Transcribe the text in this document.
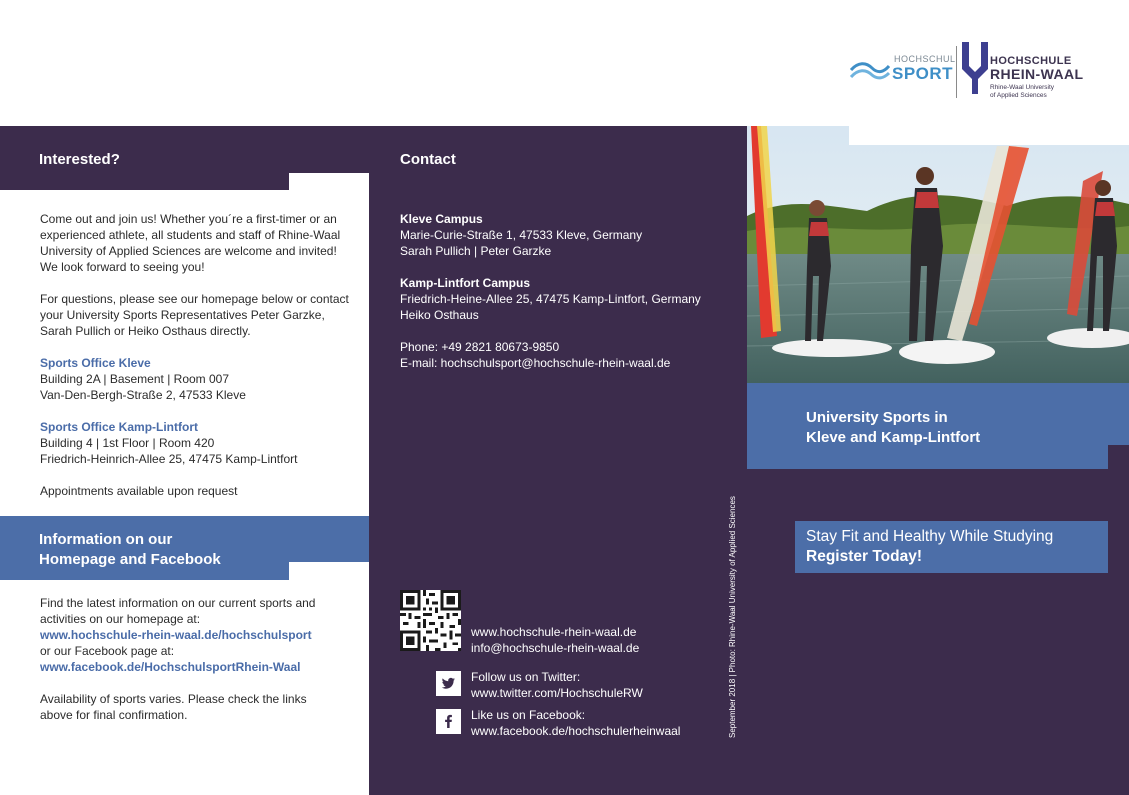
HOCHSCHUL
SPORT
HOCHSCHULE
RHEIN-WAAL
Rhine-Waal University
of Applied Sciences
Interested?
Come out and join us! Whether you´re a first-timer or an
experienced athlete, all students and staff of Rhine-Waal
University of Applied Sciences are welcome and invited!
We look forward to seeing you!
For questions, please see our homepage below or contact
your University Sports Representatives Peter Garzke,
Sarah Pullich or Heiko Osthaus directly.
Sports Office Kleve
Building 2A | Basement | Room 007
Van-Den-Bergh-Straße 2, 47533 Kleve
Sports Office Kamp-Lintfort
Building 4 | 1st Floor | Room 420
Friedrich-Heinrich-Allee 25, 47475 Kamp-Lintfort
Appointments available upon request
Information on our
Homepage and Facebook
Find the latest information on our current sports and
activities on our homepage at:
www.hochschule-rhein-waal.de/hochschulsport
or our Facebook page at:
www.facebook.de/HochschulsportRhein-Waal
Availability of sports varies. Please check the links
above for final confirmation.
Contact
Kleve Campus
Marie-Curie-Straße 1, 47533 Kleve, Germany
Sarah Pullich | Peter Garzke
Kamp-Lintfort Campus
Friedrich-Heine-Allee 25, 47475 Kamp-Lintfort, Germany
Heiko Osthaus
Phone: +49 2821 80673-9850
E-mail: hochschulsport@hochschule-rhein-waal.de
www.hochschule-rhein-waal.de
info@hochschule-rhein-waal.de
Follow us on Twitter:
www.twitter.com/HochschuleRW
Like us on Facebook:
www.facebook.de/hochschulerheinwaal	September 2018 | Photo: Rhine-Waal University of Applied Sciences
University Sports in
Kleve and Kamp-Lintfort
Stay Fit and Healthy While Studying
Register Today!
